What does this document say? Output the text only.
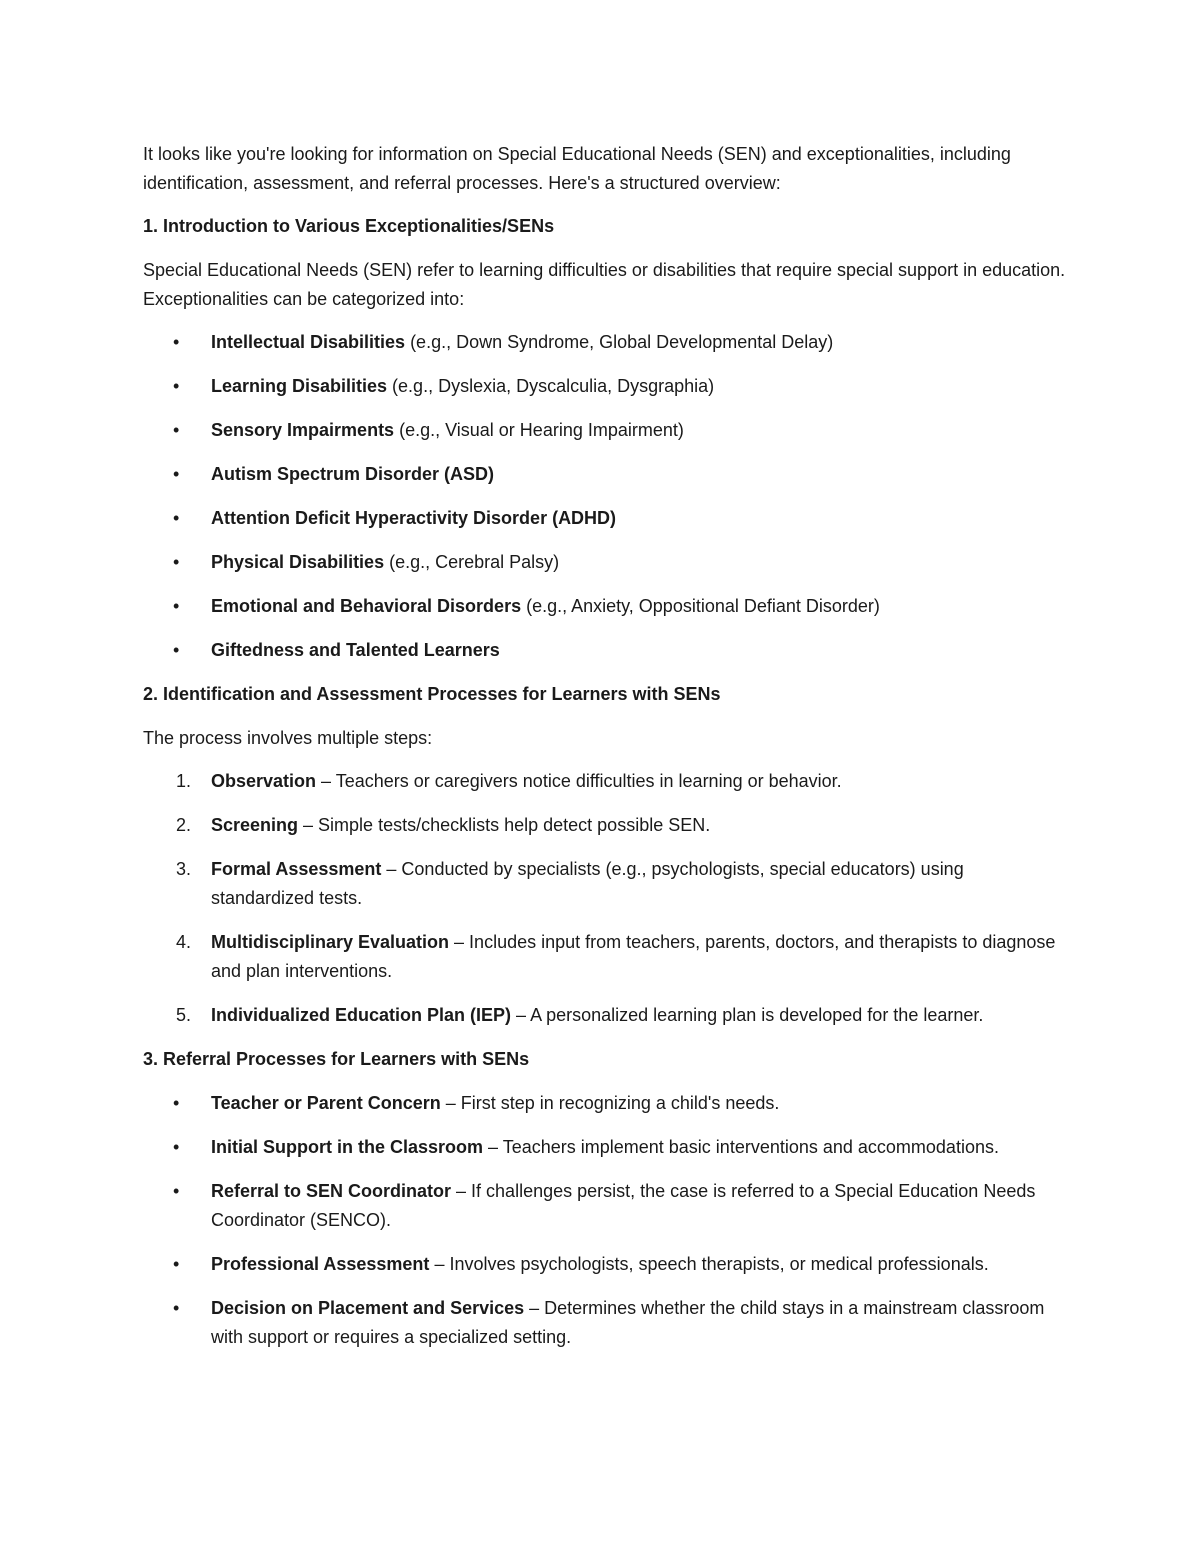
It looks like you're looking for information on Special Educational Needs (SEN) and exceptionalities, including identification, assessment, and referral processes. Here's a structured overview:

1. Introduction to Various Exceptionalities/SENs

Special Educational Needs (SEN) refer to learning difficulties or disabilities that require special support in education. Exceptionalities can be categorized into:

•	Intellectual Disabilities (e.g., Down Syndrome, Global Developmental Delay)
•	Learning Disabilities (e.g., Dyslexia, Dyscalculia, Dysgraphia)
•	Sensory Impairments (e.g., Visual or Hearing Impairment)
•	Autism Spectrum Disorder (ASD)
•	Attention Deficit Hyperactivity Disorder (ADHD)
•	Physical Disabilities (e.g., Cerebral Palsy)
•	Emotional and Behavioral Disorders (e.g., Anxiety, Oppositional Defiant Disorder)
•	Giftedness and Talented Learners
2. Identification and Assessment Processes for Learners with SENs

The process involves multiple steps:

1.	Observation – Teachers or caregivers notice difficulties in learning or behavior.
2.	Screening – Simple tests/checklists help detect possible SEN.
3.	Formal Assessment – Conducted by specialists (e.g., psychologists, special educators) using standardized tests.
4.	Multidisciplinary Evaluation – Includes input from teachers, parents, doctors, and therapists to diagnose and plan interventions.
5.	Individualized Education Plan (IEP) – A personalized learning plan is developed for the learner.
3. Referral Processes for Learners with SENs
•	Teacher or Parent Concern – First step in recognizing a child's needs.
•	Initial Support in the Classroom – Teachers implement basic interventions and accommodations.
•	Referral to SEN Coordinator – If challenges persist, the case is referred to a Special Education Needs Coordinator (SENCO).
•	Professional Assessment – Involves psychologists, speech therapists, or medical professionals.
•	Decision on Placement and Services – Determines whether the child stays in a mainstream classroom with support or requires a specialized setting.
